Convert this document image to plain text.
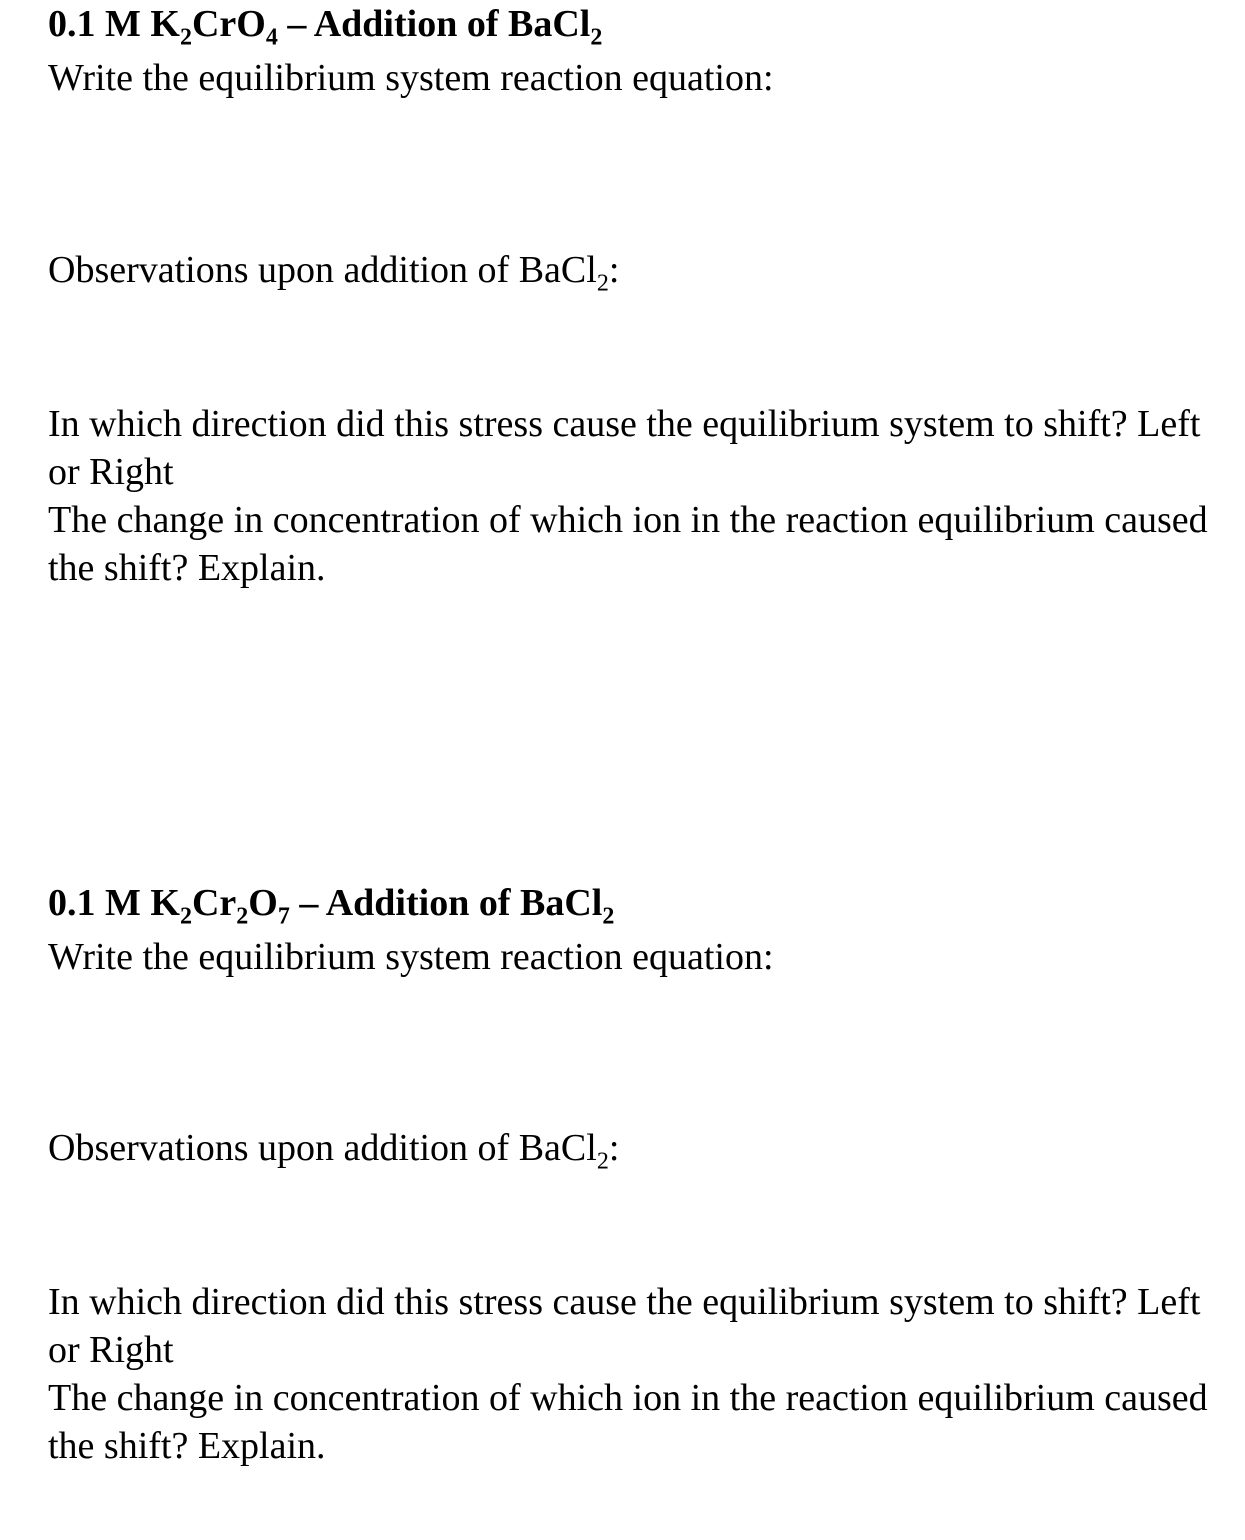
0.1 M $K_2CrO_4$ – Addition of BaCl$_2$
Write the equilibrium system reaction equation:
Observations upon addition of BaCl$_2$:
In which direction did this stress cause the equilibrium system to shift? Left or Right
The change in concentration of which ion in the reaction equilibrium caused the shift? Explain.
0.1 M $K_2Cr_2O_7$ – Addition of BaCl$_2$
Write the equilibrium system reaction equation:
Observations upon addition of BaCl$_2$:
In which direction did this stress cause the equilibrium system to shift? Left or Right
The change in concentration of which ion in the reaction equilibrium caused the shift? Explain.
